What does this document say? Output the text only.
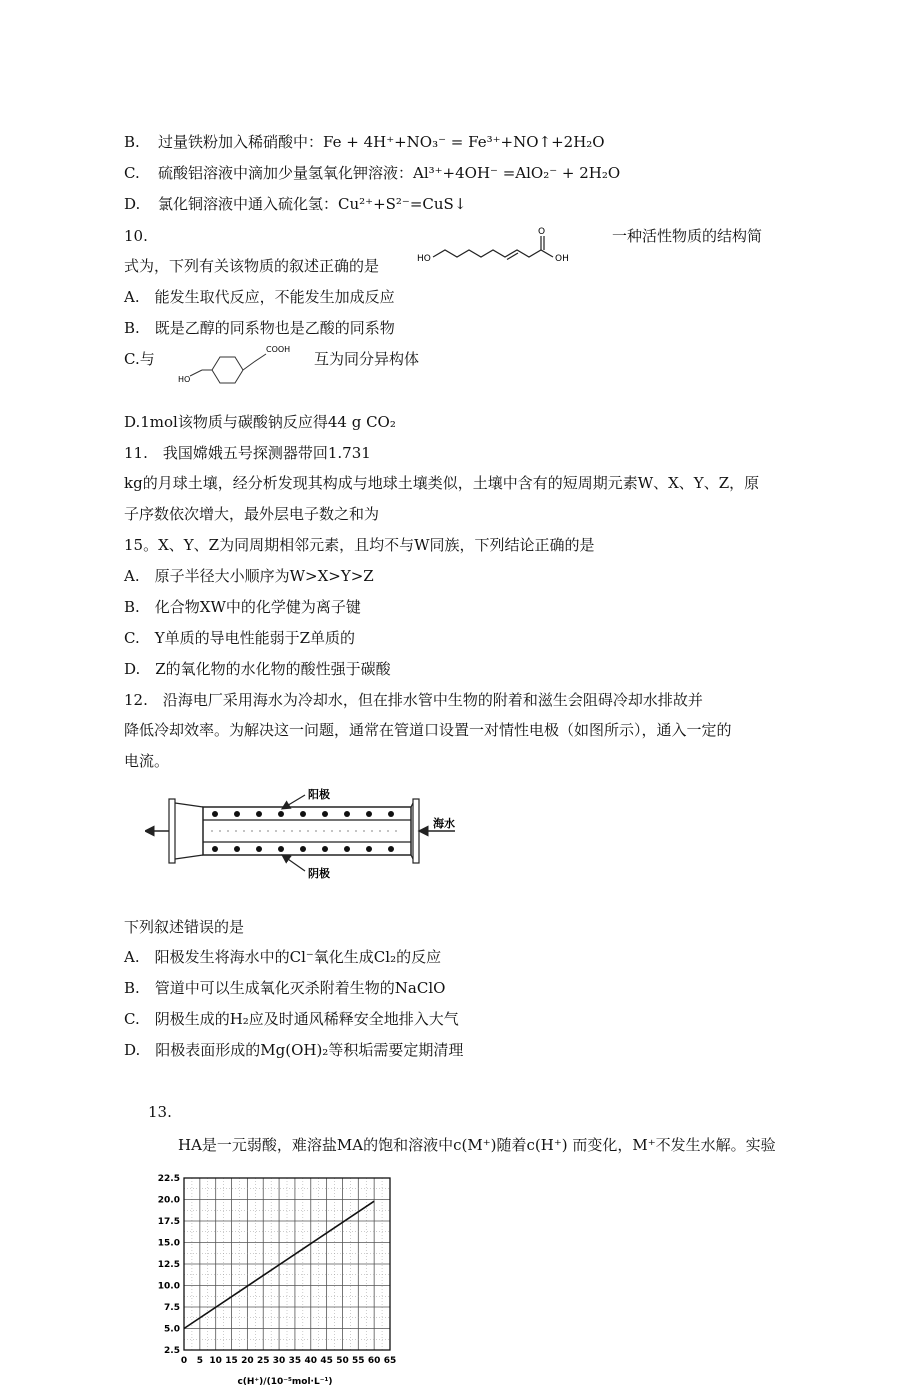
B. 过量铁粉加入稀硝酸中：Fe + 4H⁺+NO₃⁻ = Fe³⁺+NO↑+2H₂O
C. 硫酸铝溶液中滴加少量氢氧化钾溶液：Al³⁺+4OH⁻ =AlO₂⁻ + 2H₂O
D. 氯化铜溶液中通入硫化氢：Cu²⁺+S²⁻=CuS↓
10.	一种活性物质的结构简
式为，下列有关该物质的叙述正确的是	HO
O
OH
A.　能发生取代反应，不能发生加成反应
B.　既是乙醇的同系物也是乙酸的同系物
C.与
HO
COOH
互为同分异构体
D.1mol该物质与碳酸钠反应得44 g CO₂
11.　我国嫦娥五号探测器带回1.731
kg的月球土壤，经分析发现其构成与地球土壤类似，土壤中含有的短周期元素W、X、Y、Z，原
子序数依次增大，最外层电子数之和为
15。X、Y、Z为同周期相邻元素，且均不与W同族，下列结论正确的是
A.　原子半径大小顺序为W>X>Y>Z
B.　化合物XW中的化学健为离子键
C.　Y单质的导电性能弱于Z单质的
D.　Z的氧化物的水化物的酸性强于碳酸
12.　沿海电厂采用海水为冷却水，但在排水管中生物的附着和滋生会阻碍冷却水排故并
降低冷却效率。为解决这一问题，通常在管道口设置一对情性电极（如图所示），通入一定的
电流。
海水
阳极
阴极
下列叙述错误的是
A.　阳极发生将海水中的Cl⁻氧化生成Cl₂的反应
B.　管道中可以生成氧化灭杀附着生物的NaClO
C.　阴极生成的H₂应及时通风稀释安全地排入大气
D.　阳极表面形成的Mg(OH)₂等积垢需要定期清理
13.
HA是一元弱酸，难溶盐MA的饱和溶液中c(M⁺)随着c(H⁺) 而变化，M⁺不发生水解。实验
2.5
5.0
7.5
10.0
12.5
15.0
17.5
20.0
22.5
0 5 10 15 20 25 30 35 40 45 50 55 60 65
c(H⁺)/(10⁻⁵mol·L⁻¹)
